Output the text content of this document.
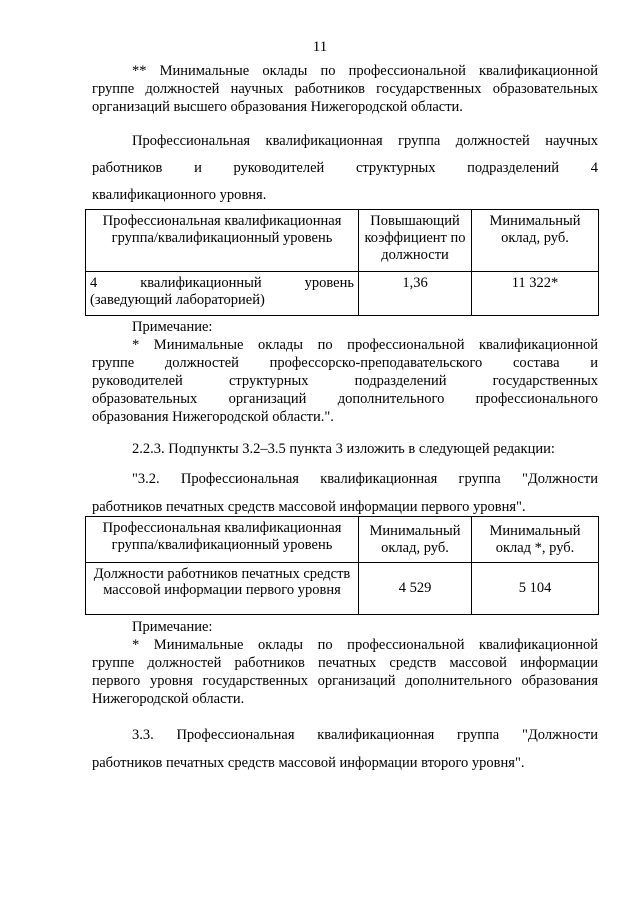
11
** Минимальные оклады по профессиональной квалификационной
группе должностей научных работников государственных образовательных
организаций высшего образования Нижегородской области.
Профессиональная квалификационная группа должностей научных
работников и руководителей структурных подразделений 4
квалификационного уровня.
Профессиональная квалификационная группа/квалификационный уровень	Повышающий коэффициент по должности	Минимальный оклад, руб.

4 квалификационный уровень
(заведующий лабораторией)	1,36	11 322*
Примечание:
* Минимальные оклады по профессиональной квалификационной
группе должностей профессорско-преподавательского состава и
руководителей	структурных	подразделений	государственных
образовательных организаций дополнительного профессионального
образования Нижегородской области.".
2.2.3. Подпункты 3.2–3.5 пункта 3 изложить в следующей редакции:
"3.2. Профессиональная квалификационная группа "Должности
работников печатных средств массовой информации первого уровня".
Профессиональная квалификационная группа/квалификационный уровень	Минимальный оклад, руб.	Минимальный оклад *, руб.
Должности работников печатных средств массовой информации первого уровня	4 529	5 104
Примечание:
* Минимальные оклады по профессиональной квалификационной
группе должностей работников печатных средств массовой информации
первого уровня государственных организаций дополнительного образования
Нижегородской области.
3.3. Профессиональная квалификационная группа "Должности
работников печатных средств массовой информации второго уровня".
